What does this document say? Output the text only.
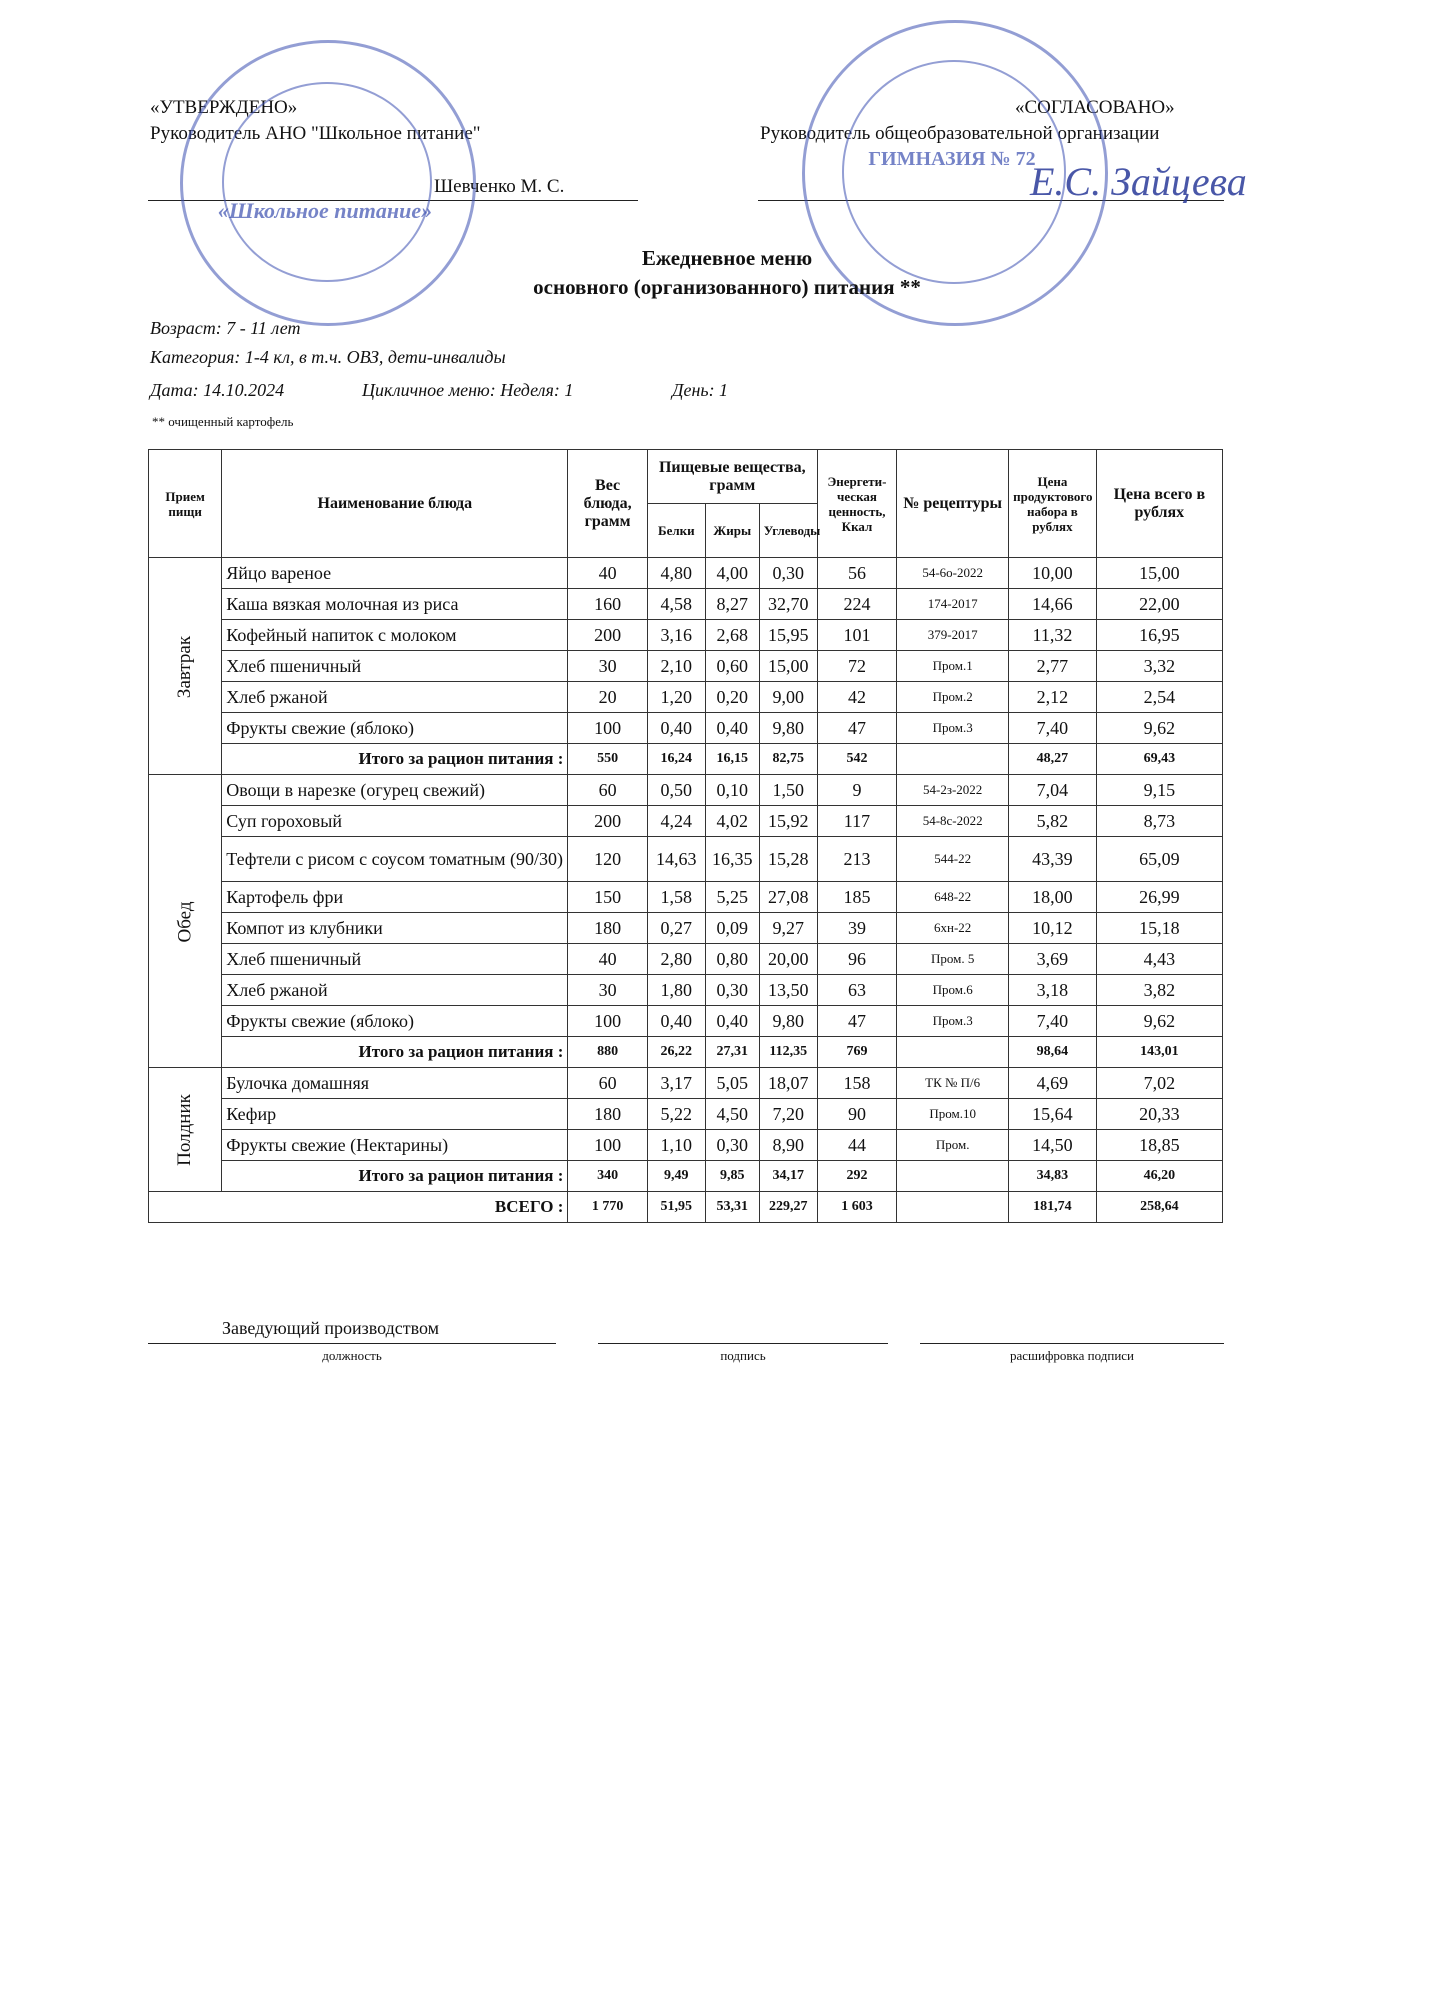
«УТВЕРЖДЕНО»
Руководитель АНО "Школьное питание"
Шевченко М. С.
«СОГЛАСОВАНО»
Руководитель общеобразовательной организации
Е.С. Зайцева
«Школьное питание»
ГИМНАЗИЯ № 72
Ежедневное меню
основного (организованного) питания **
Возраст: 7 - 11 лет
Категория: 1-4 кл, в т.ч. ОВЗ, дети-инвалиды
Дата: 14.10.2024	Цикличное меню: Неделя: 1	День: 1
** очищенный картофель
Прием пищи	Наименование блюда	Вес блюда, грамм	Пищевые вещества, грамм			Энергети-ческая ценность, Ккал	№ рецептуры	Цена продуктового набора в рублях	Цена всего в рублях
			Белки	Жиры	Углеводы				
Завтрак	Яйцо вареное	40	4,80	4,00	0,30	56	54-6о-2022	10,00	15,00
	Каша вязкая молочная из риса	160	4,58	8,27	32,70	224	174-2017	14,66	22,00
	Кофейный напиток с молоком	200	3,16	2,68	15,95	101	379-2017	11,32	16,95
	Хлеб пшеничный	30	2,10	0,60	15,00	72	Пром.1	2,77	3,32
	Хлеб ржаной	20	1,20	0,20	9,00	42	Пром.2	2,12	2,54
	Фрукты свежие (яблоко)	100	0,40	0,40	9,80	47	Пром.3	7,40	9,62
	Итого за рацион питания :	550	16,24	16,15	82,75	542		48,27	69,43
Обед	Овощи в нарезке (огурец свежий)	60	0,50	0,10	1,50	9	54-2з-2022	7,04	9,15
	Суп гороховый	200	4,24	4,02	15,92	117	54-8с-2022	5,82	8,73
	Тефтели с рисом с соусом томатным (90/30)	120	14,63	16,35	15,28	213	544-22	43,39	65,09
	Картофель фри	150	1,58	5,25	27,08	185	648-22	18,00	26,99
	Компот из клубники	180	0,27	0,09	9,27	39	6хн-22	10,12	15,18
	Хлеб пшеничный	40	2,80	0,80	20,00	96	Пром. 5	3,69	4,43
	Хлеб ржаной	30	1,80	0,30	13,50	63	Пром.6	3,18	3,82
	Фрукты свежие (яблоко)	100	0,40	0,40	9,80	47	Пром.3	7,40	9,62
	Итого за рацион питания :	880	26,22	27,31	112,35	769		98,64	143,01
Полдник	Булочка домашняя	60	3,17	5,05	18,07	158	ТК № П/6	4,69	7,02
	Кефир	180	5,22	4,50	7,20	90	Пром.10	15,64	20,33
	Фрукты свежие (Нектарины)	100	1,10	0,30	8,90	44	Пром.	14,50	18,85
	Итого за рацион питания :	340	9,49	9,85	34,17	292		34,83	46,20
ВСЕГО :		1 770	51,95	53,31	229,27	1 603		181,74	258,64
Заведующий производством
должность	подпись	расшифровка подписи
